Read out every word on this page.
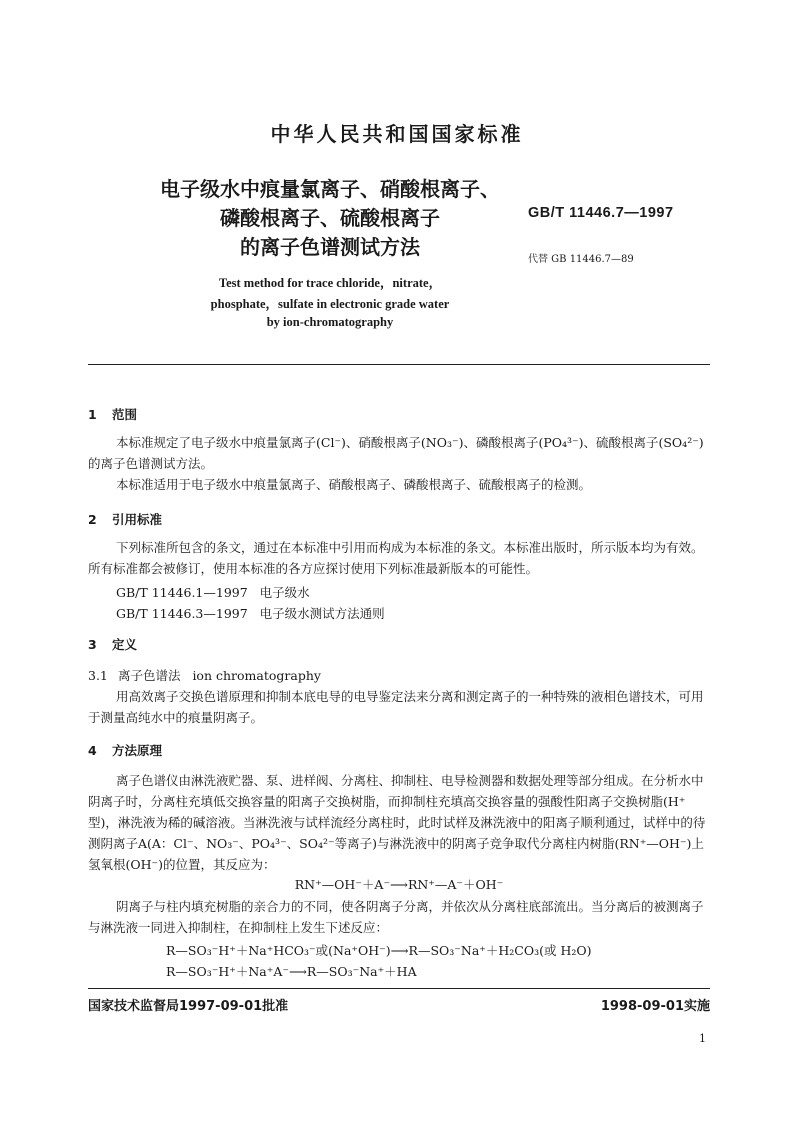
中华人民共和国国家标准
电子级水中痕量氯离子、硝酸根离子、
磷酸根离子、硫酸根离子
的离子色谱测试方法
Test method for trace chloride，nitrate，
phosphate，sulfate in electronic grade water
by ion-chromatography
GB/T 11446.7—1997
代替 GB 11446.7—89
1 范围
本标准规定了电子级水中痕量氯离子(Cl⁻)、硝酸根离子(NO₃⁻)、磷酸根离子(PO₄³⁻)、硫酸根离子(SO₄²⁻)的离子色谱测试方法。
本标准适用于电子级水中痕量氯离子、硝酸根离子、磷酸根离子、硫酸根离子的检测。
2 引用标准
下列标准所包含的条文，通过在本标准中引用而构成为本标准的条文。本标准出版时，所示版本均为有效。所有标准都会被修订，使用本标准的各方应探讨使用下列标准最新版本的可能性。
GB/T 11446.1—1997 电子级水
GB/T 11446.3—1997 电子级水测试方法通则
3 定义
3.1 离子色谱法 ion chromatography
用高效离子交换色谱原理和抑制本底电导的电导鉴定法来分离和测定离子的一种特殊的液相色谱技术，可用于测量高纯水中的痕量阴离子。
4 方法原理
离子色谱仪由淋洗液贮器、泵、进样阀、分离柱、抑制柱、电导检测器和数据处理等部分组成。在分析水中阴离子时，分离柱充填低交换容量的阳离子交换树脂，而抑制柱充填高交换容量的强酸性阳离子交换树脂(H⁺型)，淋洗液为稀的碱溶液。当淋洗液与试样流经分离柱时，此时试样及淋洗液中的阳离子顺利通过，试样中的待测阴离子A(A：Cl⁻、NO₃⁻、PO₄³⁻、SO₄²⁻等离子)与淋洗液中的阴离子竞争取代分离柱内树脂(RN⁺—OH⁻)上氢氧根(OH⁻)的位置，其反应为：
RN⁺—OH⁻＋A⁻⟶RN⁺—A⁻＋OH⁻
阴离子与柱内填充树脂的亲合力的不同，使各阴离子分离，并依次从分离柱底部流出。当分离后的被测离子与淋洗液一同进入抑制柱，在抑制柱上发生下述反应：
R—SO₃⁻H⁺＋Na⁺HCO₃⁻或(Na⁺OH⁻)⟶R—SO₃⁻Na⁺＋H₂CO₃(或 H₂O)
R—SO₃⁻H⁺＋Na⁺A⁻⟶R—SO₃⁻Na⁺＋HA
国家技术监督局1997-09-01批准	1998-09-01实施
1
